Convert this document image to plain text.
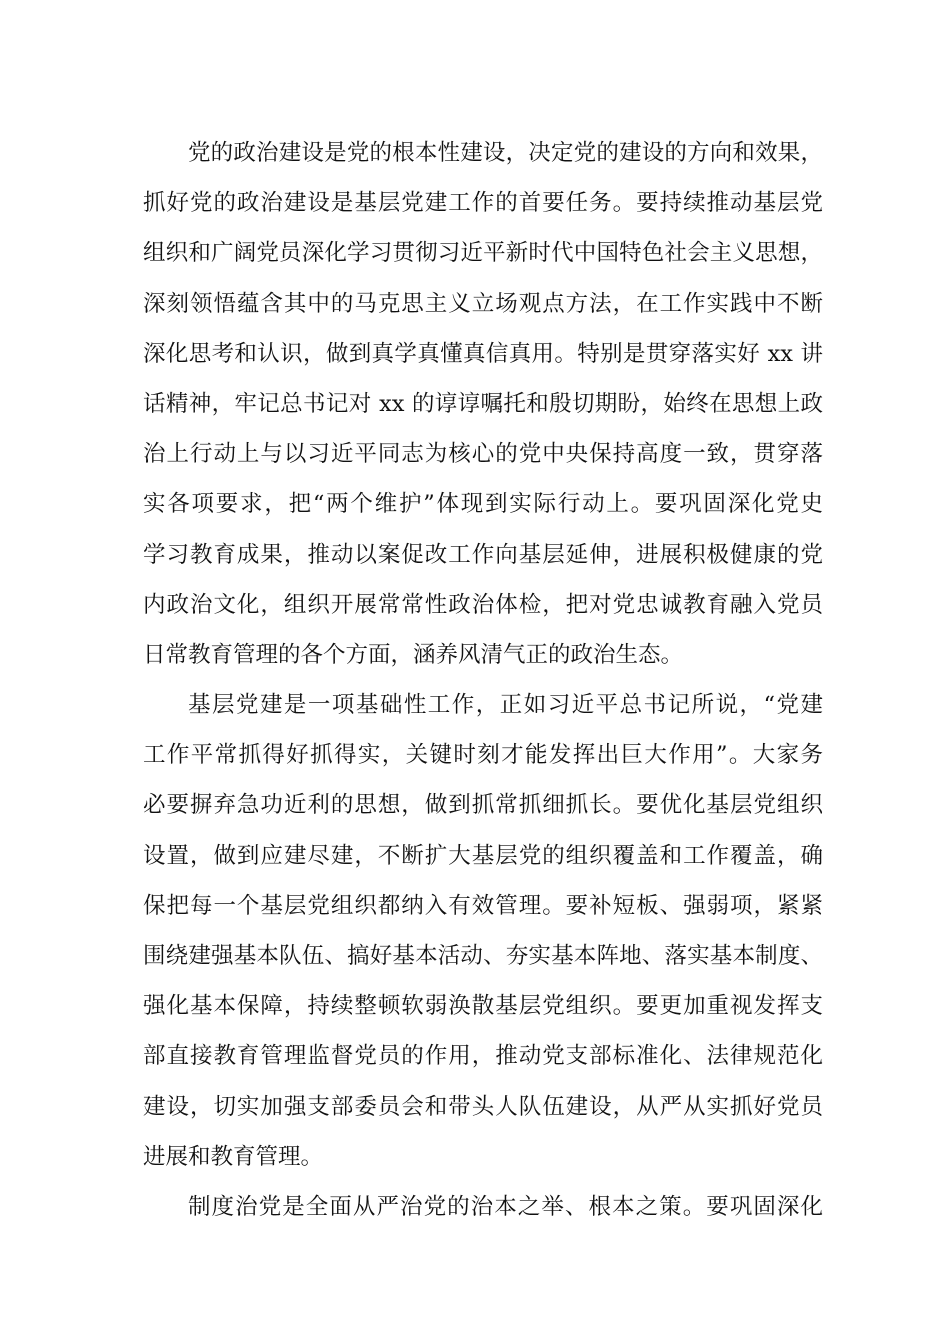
党的政治建设是党的根本性建设，决定党的建设的方向和效果，
抓好党的政治建设是基层党建工作的首要任务。要持续推动基层党
组织和广阔党员深化学习贯彻习近平新时代中国特色社会主义思想，
深刻领悟蕴含其中的马克思主义立场观点方法，在工作实践中不断
深化思考和认识，做到真学真懂真信真用。特别是贯穿落实好 xx 讲
话精神，牢记总书记对 xx 的谆谆嘱托和殷切期盼，始终在思想上政
治上行动上与以习近平同志为核心的党中央保持高度一致，贯穿落
实各项要求，把“两个维护”体现到实际行动上。要巩固深化党史
学习教育成果，推动以案促改工作向基层延伸，进展积极健康的党
内政治文化，组织开展常常性政治体检，把对党忠诚教育融入党员
日常教育管理的各个方面，涵养风清气正的政治生态。
基层党建是一项基础性工作，正如习近平总书记所说，“党建
工作平常抓得好抓得实，关键时刻才能发挥出巨大作用”。大家务
必要摒弃急功近利的思想，做到抓常抓细抓长。要优化基层党组织
设置，做到应建尽建，不断扩大基层党的组织覆盖和工作覆盖，确
保把每一个基层党组织都纳入有效管理。要补短板、强弱项，紧紧
围绕建强基本队伍、搞好基本活动、夯实基本阵地、落实基本制度、
强化基本保障，持续整顿软弱涣散基层党组织。要更加重视发挥支
部直接教育管理监督党员的作用，推动党支部标准化、法律规范化
建设，切实加强支部委员会和带头人队伍建设，从严从实抓好党员
进展和教育管理。
制度治党是全面从严治党的治本之举、根本之策。要巩固深化
